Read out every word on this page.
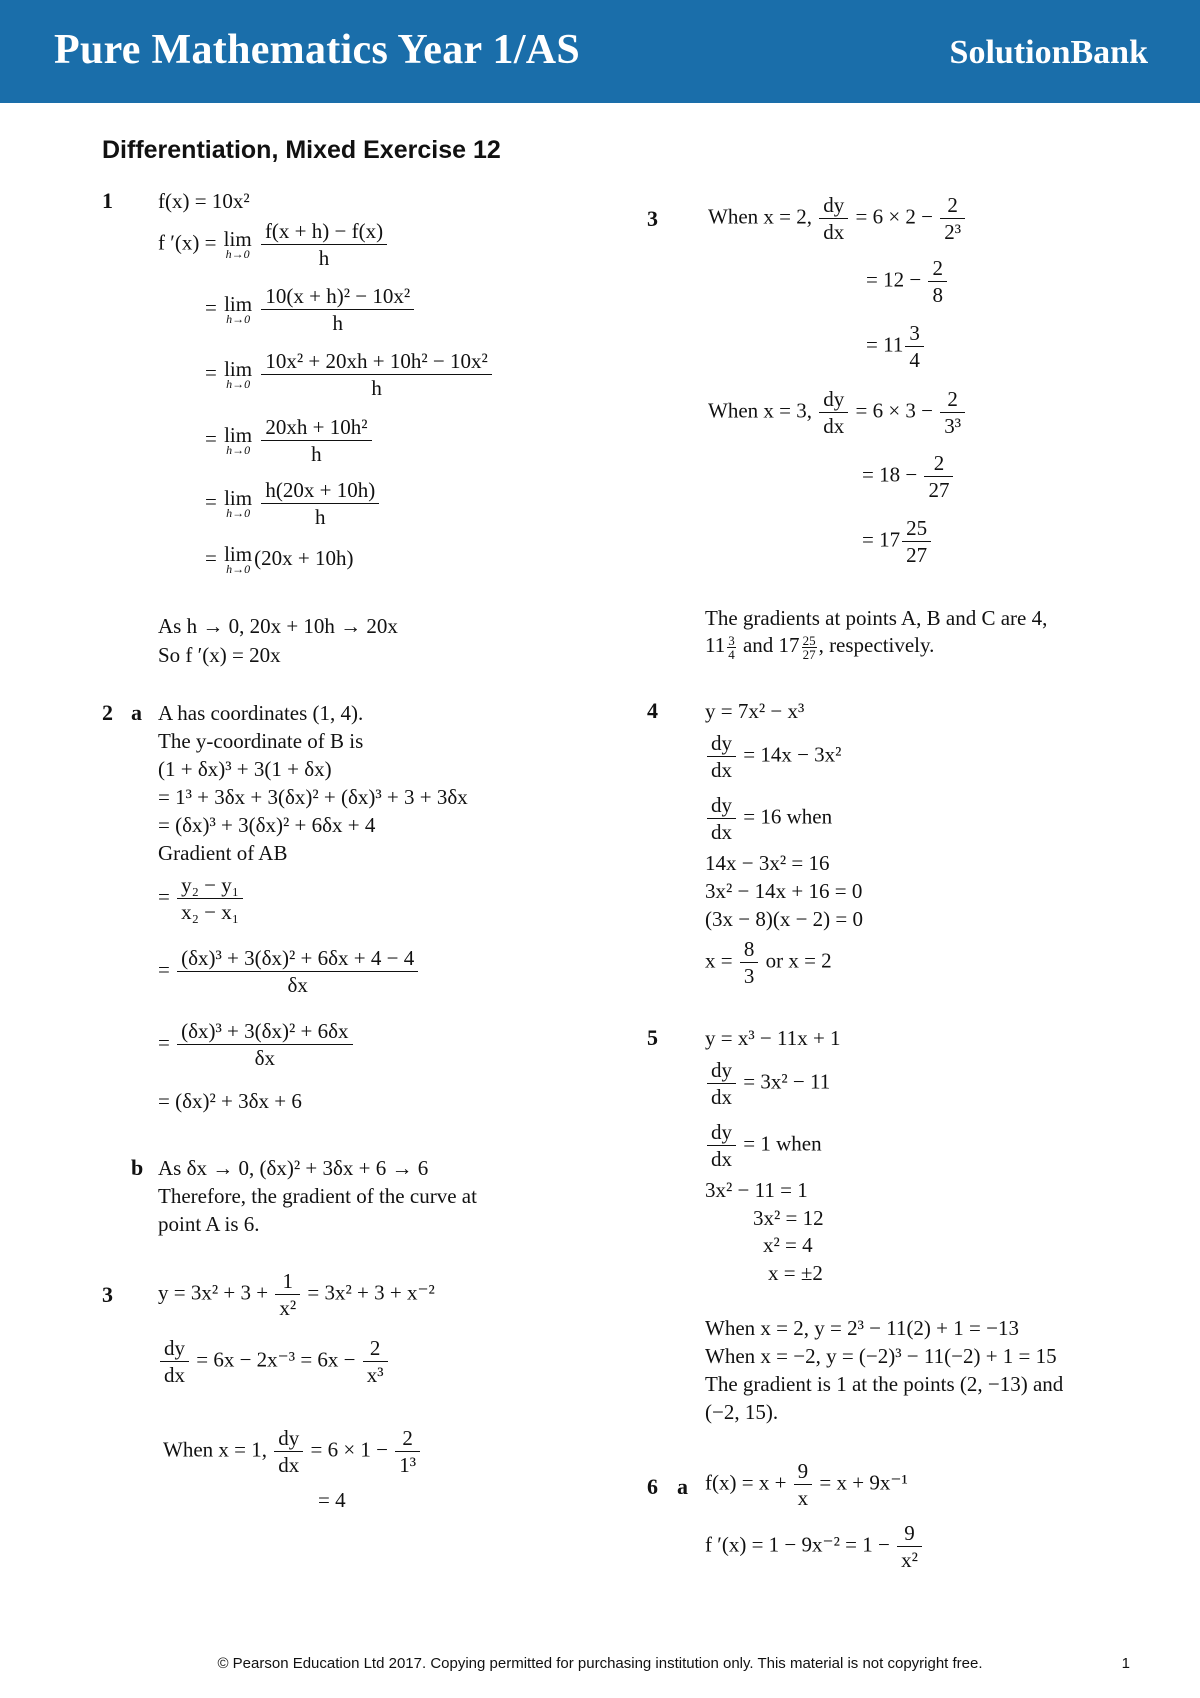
Pure Mathematics Year 1/AS	SolutionBank
Differentiation, Mixed Exercise 12
1 f(x) = 10x²
f ′(x) = lim
h→0
$\frac{f(x + h) - f(x)}{h}$
= lim
h→0
$\frac{\text{10(x + h)² − 10x²}}{h}$
= lim
h→0
$\frac{\text{10x² + 20xh + 10h² − 10x²}}{h}$
= lim
h→0
$\frac{\text{20xh + 10h²}}{h}$
= lim
h→0
$\frac{h(20x + 10h)}{h}$
= lim
h→0 (20x + 10h)
As h → 0, 20x + 10h → 20x
So f ′(x) = 20x
2 a A has coordinates (1, 4).
The y-coordinate of B is
(1 + δx)³ + 3(1 + δx)
= 1³ + 3δx + 3(δx)² + (δx)³ + 3 + 3δx
= (δx)³ + 3(δx)² + 6δx + 4
Gradient of AB
= $\frac{\text{y₂ − y₁}}{\text{x₂ − x₁}}$
= $\frac{\text{(δx)³ + 3(δx)² + 6δx + 4 − 4}}{\delta x}$
= $\frac{\text{(δx)³ + 3(δx)² + 6δx}}{\delta x}$
= (δx)² + 3δx + 6
b As δx → 0, (δx)² + 3δx + 6 → 6
Therefore, the gradient of the curve at
point A is 6.
3 $y = 3x^2 + 3 + \frac{1}{\text{x²}} = 3x^2 + 3 + x^{-2}$
$\frac{dy}{dx} = 6x - 2x^{-3} = 6x - \frac{2}{\text{x³}}$
When x = 1, $\frac{dy}{dx} = 6 \times 1 - \frac{2}{\text{1³}}$
= 4
3 When x = 2, $\frac{dy}{dx} = 6 \times 2 - \frac{2}{\text{2³}}$
= $12 - \frac{2}{8}$
= $11 \frac{3}{4}$
When x = 3, $\frac{dy}{dx} = 6 \times 3 - \frac{2}{\text{3³}}$
= $18 - \frac{2}{27}$
= $17 \frac{25}{27}$
The gradients at points A, B and C are 4,
$11 \frac{3}{4}$ and $17 \frac{25}{27}$ , respectively.
4 y = 7x² − x³
$\frac{dy}{dx} = 14x - 3x^2$
$\frac{dy}{dx} = 16$ when
14x − 3x² = 16
3x² − 14x + 16 = 0
(3x − 8)(x − 2) = 0
$x = \frac{8}{3}$ or x = 2
5 y = x³ − 11x + 1
$\frac{dy}{dx} = 3x^2 - 11$
$\frac{dy}{dx} = 1$ when
3x² − 11 = 1
3x² = 12
x² = 4
x = ±2
When x = 2, y = 2³ − 11(2) + 1 = −13
When x = −2, y = (−2)³ − 11(−2) + 1 = 15
The gradient is 1 at the points (2, −13) and
(−2, 15).
6 a $f(x) = x + \frac{9}{x} = x + 9x^{-1}$
f $'(x) = 1 - 9x^{-2} = 1 - \frac{9}{\text{x²}}$
© Pearson Education Ltd 2017. Copying permitted for purchasing institution only. This material is not copyright free.	1
